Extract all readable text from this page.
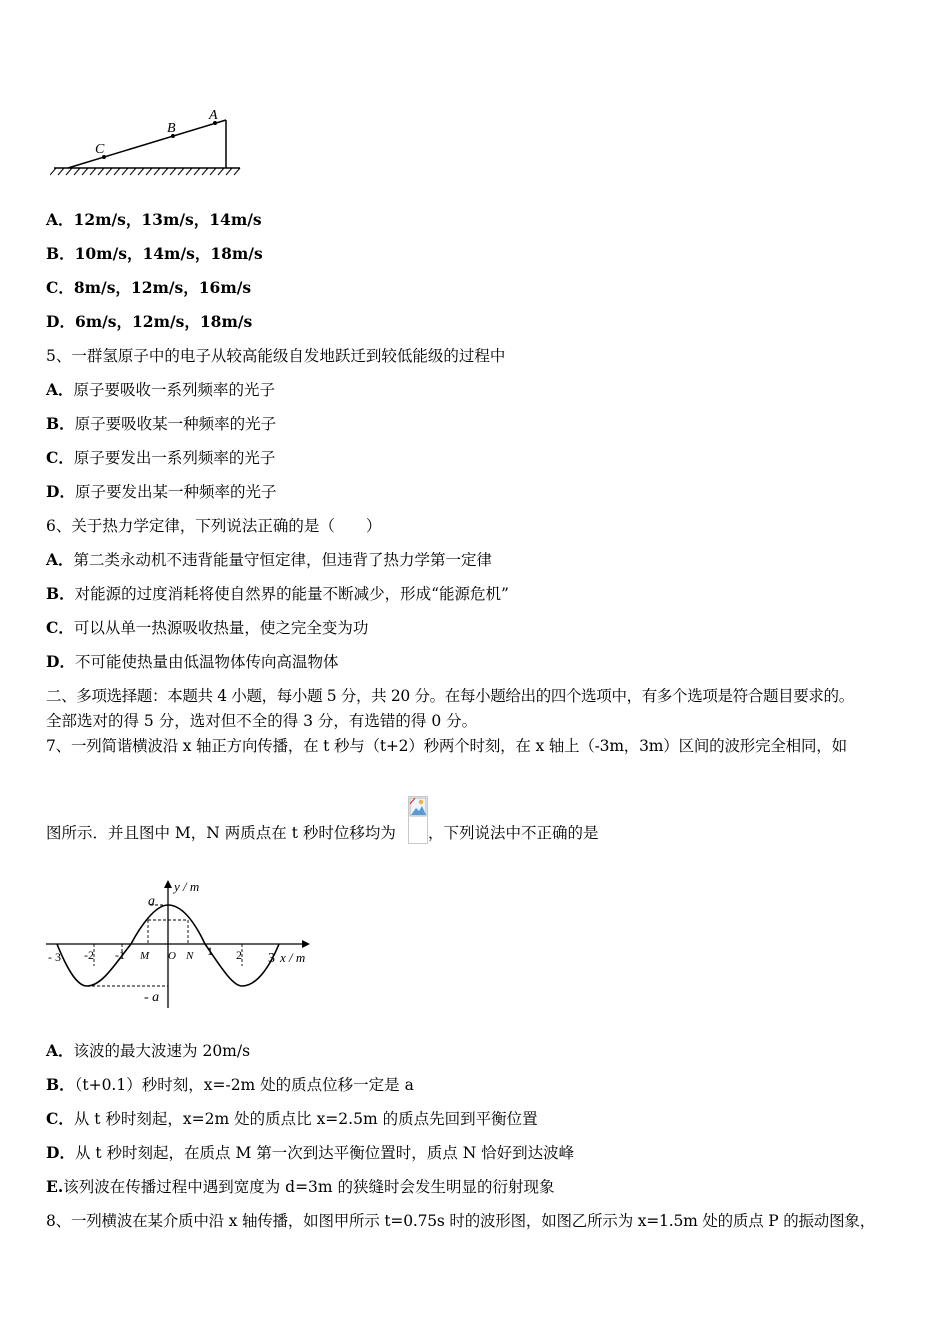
C
B
A
A．12m/s，13m/s，14m/s
B．10m/s，14m/s，18m/s
C．8m/s，12m/s，16m/s
D．6m/s，12m/s，18m/s
5、一群氢原子中的电子从较高能级自发地跃迁到较低能级的过程中
A．原子要吸收一系列频率的光子
B．原子要吸收某一种频率的光子
C．原子要发出一系列频率的光子
D．原子要发出某一种频率的光子
6、关于热力学定律，下列说法正确的是（　　）
A．第二类永动机不违背能量守恒定律，但违背了热力学第一定律
B．对能源的过度消耗将使自然界的能量不断减少，形成“能源危机”
C．可以从单一热源吸收热量，使之完全变为功
D．不可能使热量由低温物体传向高温物体
二、多项选择题：本题共 4 小题，每小题 5 分，共 20 分。在每小题给出的四个选项中，有多个选项是符合题目要求的。
全部选对的得 5 分，选对但不全的得 3 分，有选错的得 0 分。
7、一列简谐横波沿 x 轴正方向传播，在 t 秒与（t+2）秒两个时刻，在 x 轴上（-3m，3m）区间的波形完全相同，如
图所示．并且图中 M，N 两质点在 t 秒时位移均为 ，下列说法中不正确的是
y / m
x / m
a
- a
- 3 -2 -1 M O N 1 2 3
A．该波的最大波速为 20m/s
B．（t+0.1）秒时刻，x=-2m 处的质点位移一定是 a
C．从 t 秒时刻起，x=2m 处的质点比 x=2.5m 的质点先回到平衡位置
D．从 t 秒时刻起，在质点 M 第一次到达平衡位置时，质点 N 恰好到达波峰
E.该列波在传播过程中遇到宽度为 d=3m 的狭缝时会发生明显的衍射现象
8、一列横波在某介质中沿 x 轴传播，如图甲所示 t=0.75s 时的波形图，如图乙所示为 x=1.5m 处的质点 P 的振动图象，
